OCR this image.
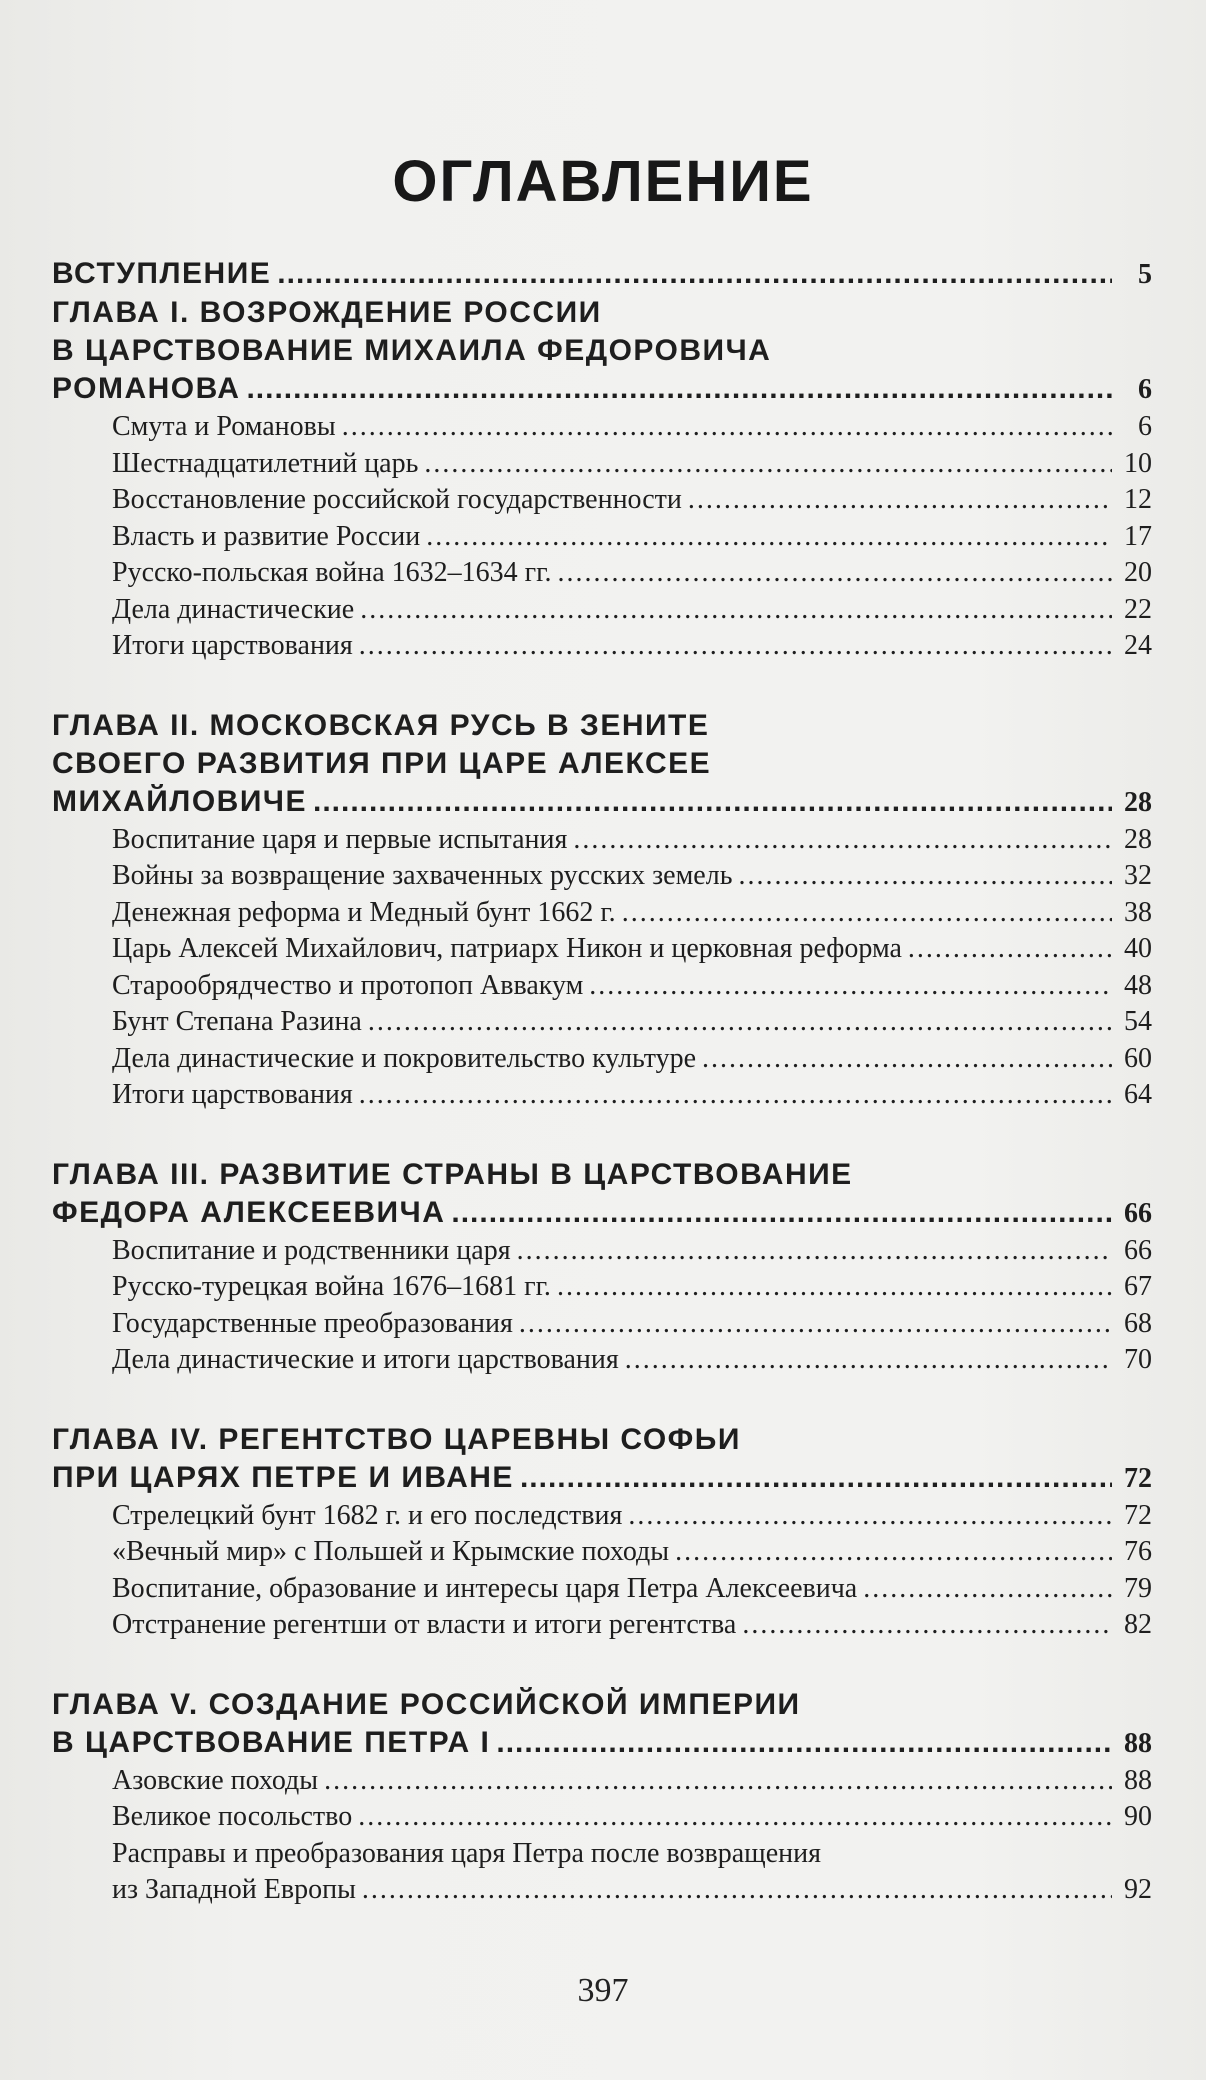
ОГЛАВЛЕНИЕ
ВСТУПЛЕНИЕ .....	5
ГЛАВА I. ВОЗРОЖДЕНИЕ РОССИИ
В ЦАРСТВОВАНИЕ МИХАИЛА ФЕДОРОВИЧА
РОМАНОВА .....	6
Смута и Романовы .....	6
Шестнадцатилетний царь .....	10
Восстановление российской государственности .....	12
Власть и развитие России .....	17
Русско-польская война 1632–1634 гг. .....	20
Дела династические .....	22
Итоги царствования .....	24
ГЛАВА II. МОСКОВСКАЯ РУСЬ В ЗЕНИТЕ
СВОЕГО РАЗВИТИЯ ПРИ ЦАРЕ АЛЕКСЕЕ
МИХАЙЛОВИЧЕ .....	28
Воспитание царя и первые испытания .....	28
Войны за возвращение захваченных русских земель .....	32
Денежная реформа и Медный бунт 1662 г. .....	38
Царь Алексей Михайлович, патриарх Никон и церковная реформа .....	40
Старообрядчество и протопоп Аввакум .....	48
Бунт Степана Разина .....	54
Дела династические и покровительство культуре .....	60
Итоги царствования .....	64
ГЛАВА III. РАЗВИТИЕ СТРАНЫ В ЦАРСТВОВАНИЕ
ФЕДОРА АЛЕКСЕЕВИЧА .....	66
Воспитание и родственники царя .....	66
Русско-турецкая война 1676–1681 гг. .....	67
Государственные преобразования .....	68
Дела династические и итоги царствования .....	70
ГЛАВА IV. РЕГЕНТСТВО ЦАРЕВНЫ СОФЬИ
ПРИ ЦАРЯХ ПЕТРЕ И ИВАНЕ .....	72
Стрелецкий бунт 1682 г. и его последствия .....	72
«Вечный мир» с Польшей и Крымские походы .....	76
Воспитание, образование и интересы царя Петра Алексеевича .....	79
Отстранение регентши от власти и итоги регентства .....	82
ГЛАВА V. СОЗДАНИЕ РОССИЙСКОЙ ИМПЕРИИ
В ЦАРСТВОВАНИЕ ПЕТРА I .....	88
Азовские походы .....	88
Великое посольство .....	90
Расправы и преобразования царя Петра после возвращения
из Западной Европы .....	92
397
